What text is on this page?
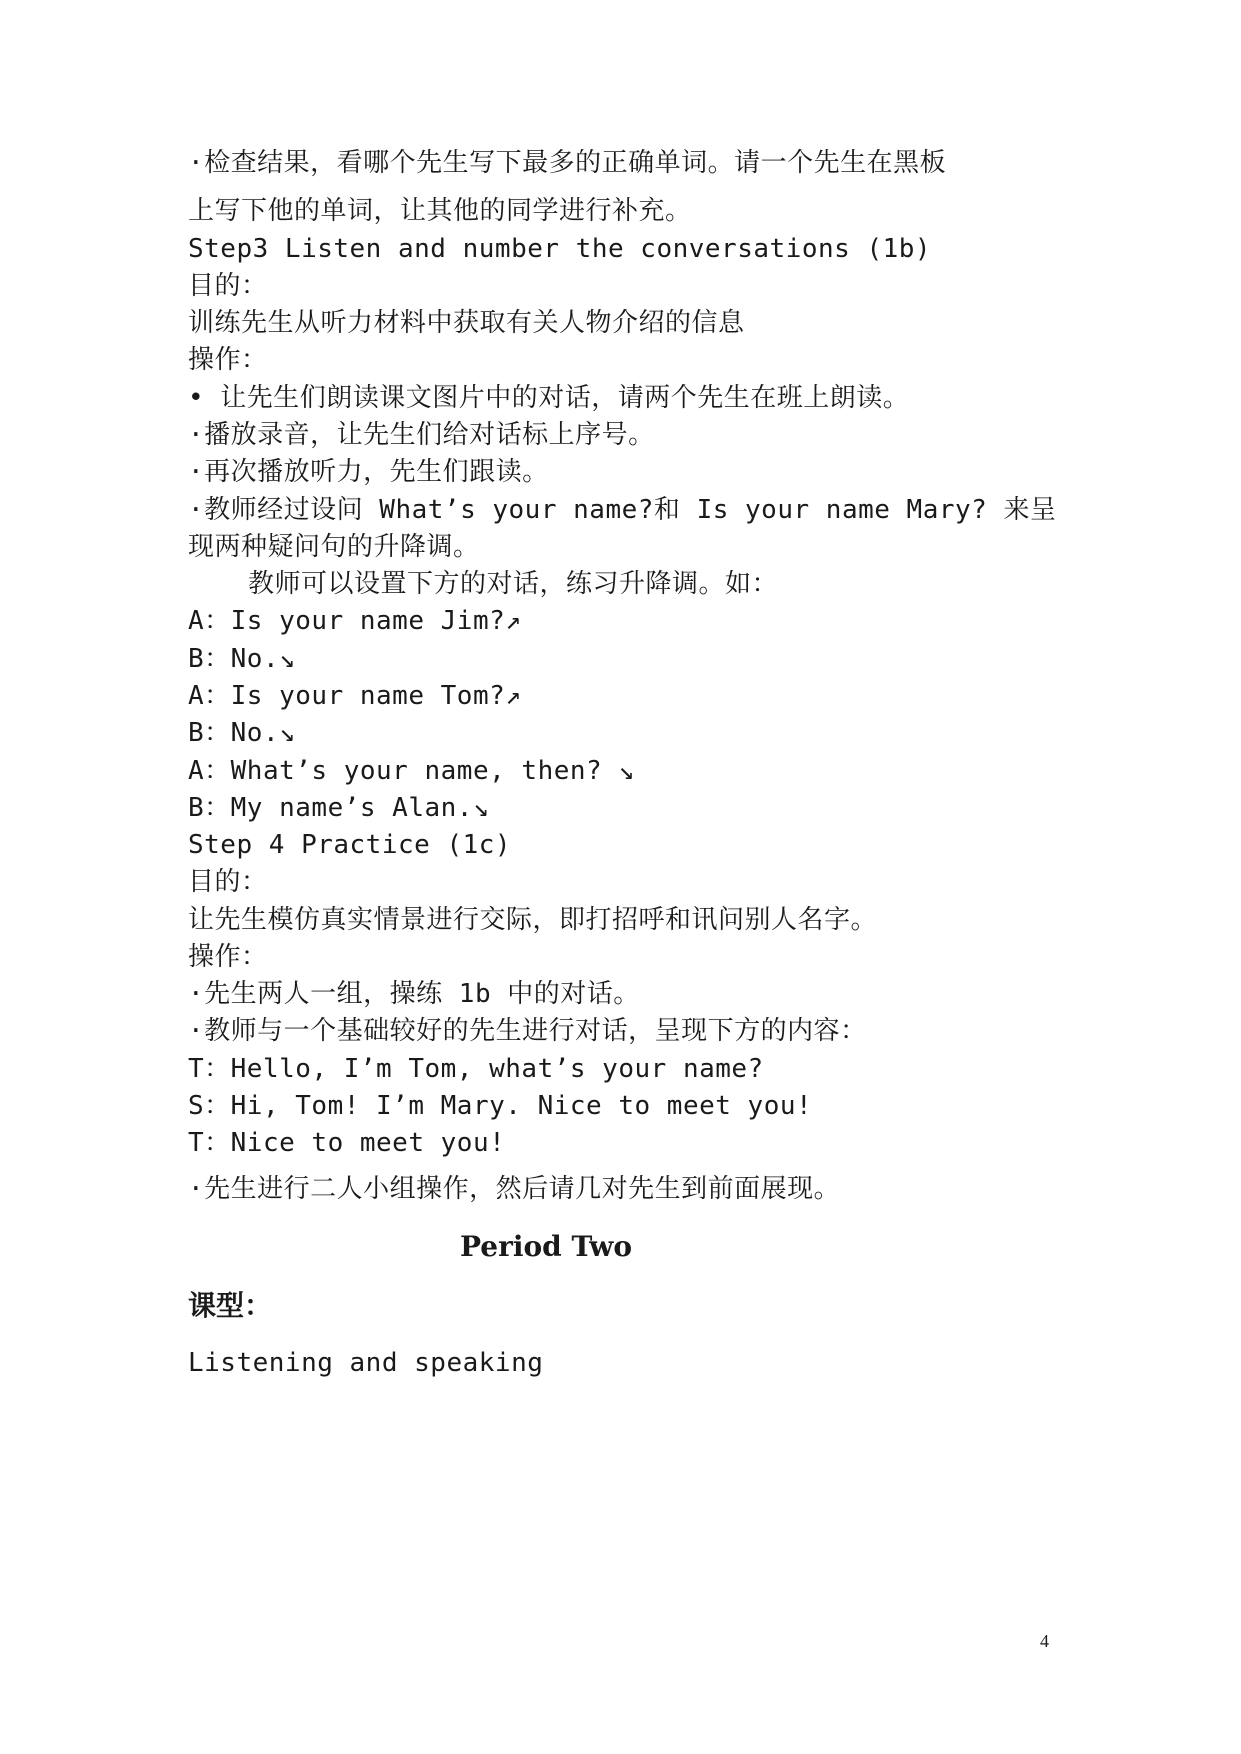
·检查结果，看哪个先生写下最多的正确单词。请一个先生在黑板
上写下他的单词，让其他的同学进行补充。
Step3 Listen and number the conversations (1b)
目的：
训练先生从听力材料中获取有关人物介绍的信息
操作：
• 让先生们朗读课文图片中的对话，请两个先生在班上朗读。
·播放录音，让先生们给对话标上序号。
·再次播放听力，先生们跟读。
·教师经过设问 What’s your name?和 Is your name Mary? 来呈
现两种疑问句的升降调。
教师可以设置下方的对话，练习升降调。如：
A：Is your name Jim?↗
B：No.↘
A：Is your name Tom?↗
B：No.↘
A：What’s your name, then? ↘
B：My name’s Alan.↘
Step 4 Practice (1c)
目的：
让先生模仿真实情景进行交际，即打招呼和讯问别人名字。
操作：
·先生两人一组，操练 1b 中的对话。
·教师与一个基础较好的先生进行对话，呈现下方的内容：
T：Hello, I’m Tom, what’s your name?
S：Hi, Tom! I’m Mary. Nice to meet you!
T：Nice to meet you!
·先生进行二人小组操作，然后请几对先生到前面展现。
Period Two
课型：
Listening and speaking
4
